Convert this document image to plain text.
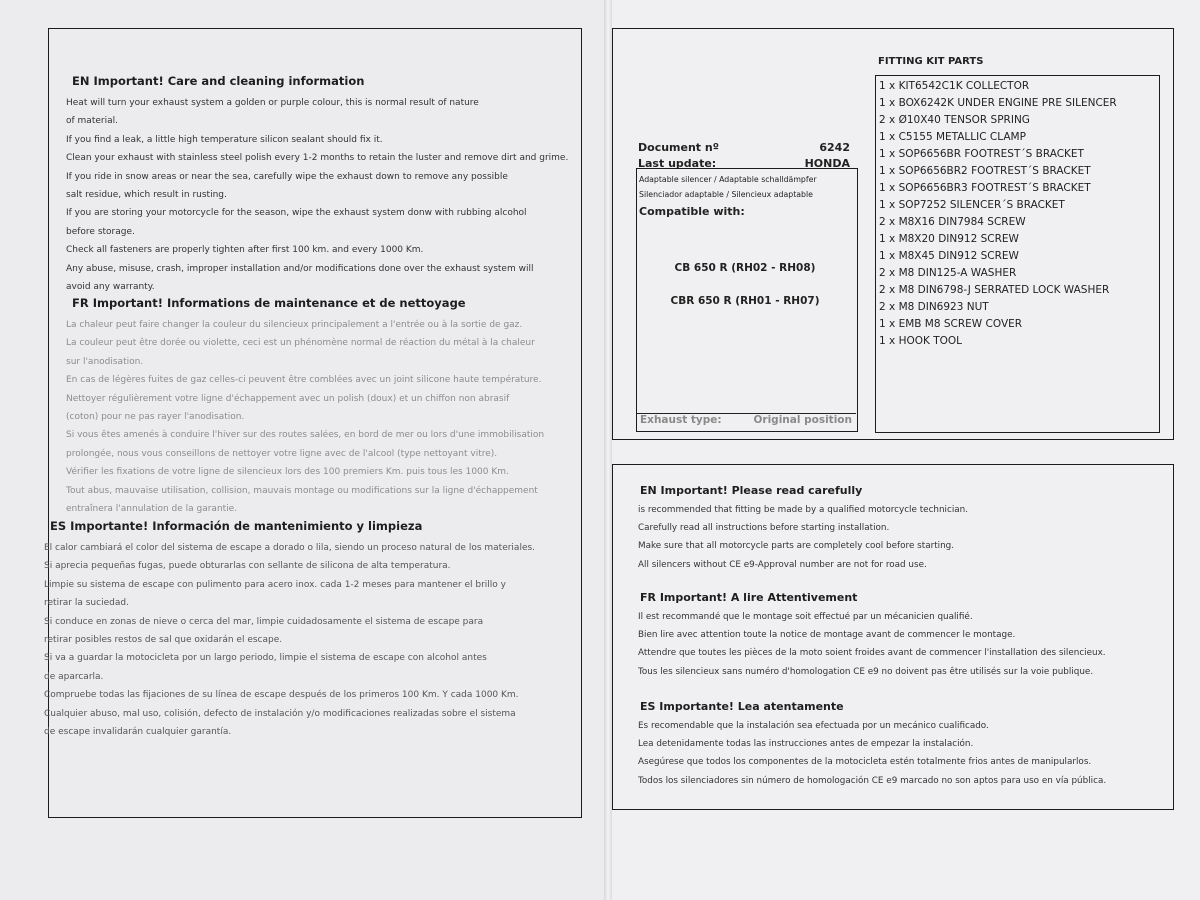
EN Important! Care and cleaning information
Heat will turn your exhaust system a golden or purple colour, this is normal result of nature
of material.
If you find a leak, a little high temperature silicon sealant should fix it.
Clean your exhaust with stainless steel polish every 1-2 months to retain the luster and remove dirt and grime.
If you ride in snow areas or near the sea, carefully wipe the exhaust down to remove any possible
salt residue, which result in rusting.
If you are storing your motorcycle for the season, wipe the exhaust system donw with rubbing alcohol
before storage.
Check all fasteners are properly tighten after first 100 km. and every 1000 Km.
Any abuse, misuse, crash, improper installation and/or modifications done over the exhaust system will
avoid any warranty.
FR Important! Informations de maintenance et de nettoyage
La chaleur peut faire changer la couleur du silencieux principalement a l'entrée ou à la sortie de gaz.
La couleur peut être dorée ou violette, ceci est un phénomène normal de réaction du métal à la chaleur
sur l'anodisation.
En cas de légères fuites de gaz celles-ci peuvent être comblées avec un joint silicone haute température.
Nettoyer régulièrement votre ligne d'échappement avec un polish (doux) et un chiffon non abrasif
(coton) pour ne pas rayer l'anodisation.
Si vous êtes amenés à conduire l'hiver sur des routes salées, en bord de mer ou lors d'une immobilisation
prolongée, nous vous conseillons de nettoyer votre ligne avec de l'alcool (type nettoyant vitre).
Vérifier les fixations de votre ligne de silencieux lors des 100 premiers Km. puis tous les 1000 Km.
Tout abus, mauvaise utilisation, collision, mauvais montage ou modifications sur la ligne d'échappement
entraînera l'annulation de la garantie.
ES Importante! Información de mantenimiento y limpieza
El calor cambiará el color del sistema de escape a dorado o lila, siendo un proceso natural de los materiales.
Si aprecia pequeñas fugas, puede obturarlas con sellante de silicona de alta temperatura.
Limpie su sistema de escape con pulimento para acero inox. cada 1-2 meses para mantener el brillo y
retirar la suciedad.
Si conduce en zonas de nieve o cerca del mar, limpie cuidadosamente el sistema de escape para
retirar posibles restos de sal que oxidarán el escape.
Si va a guardar la motocicleta por un largo periodo, limpie el sistema de escape con alcohol antes
de aparcarla.
Compruebe todas las fijaciones de su línea de escape después de los primeros 100 Km. Y cada 1000 Km.
Cualquier abuso, mal uso, colisión, defecto de instalación y/o modificaciones realizadas sobre el sistema
de escape invalidarán cualquier garantía.
FITTING KIT PARTS
1 x KIT6542C1K COLLECTOR
1 x BOX6242K UNDER ENGINE PRE SILENCER
2 x Ø10X40 TENSOR SPRING
1 x C5155 METALLIC CLAMP
1 x SOP6656BR FOOTREST´S BRACKET
1 x SOP6656BR2 FOOTREST´S BRACKET
1 x SOP6656BR3 FOOTREST´S BRACKET
1 x SOP7252 SILENCER´S BRACKET
2 x M8X16 DIN7984 SCREW
1 x M8X20 DIN912 SCREW
1 x M8X45 DIN912 SCREW
2 x M8 DIN125-A WASHER
2 x M8 DIN6798-J SERRATED LOCK WASHER
2 x M8 DIN6923 NUT
1 x EMB M8 SCREW COVER
1 x HOOK TOOL
Document nº	6242
Last update:	HONDA
Adaptable silencer / Adaptable schalldämpfer
Silenciador adaptable / Silencieux adaptable
Compatible with:
CB 650 R (RH02 - RH08)
CBR 650 R (RH01 - RH07)
Exhaust type:	Original position
EN Important! Please read carefully
is recommended that fitting be made by a qualified motorcycle technician.
Carefully read all instructions before starting installation.
Make sure that all motorcycle parts are completely cool before starting.
All silencers without CE e9-Approval number are not for road use.
FR Important! A lire Attentivement
Il est recommandé que le montage soit effectué par un mécanicien qualifié.
Bien lire avec attention toute la notice de montage avant de commencer le montage.
Attendre que toutes les pièces de la moto soient froides avant de commencer l'installation des silencieux.
Tous les silencieux sans numéro d'homologation CE e9 no doivent pas être utilisés sur la voie publique.
ES Importante! Lea atentamente
Es recomendable que la instalación sea efectuada por un mecánico cualificado.
Lea detenidamente todas las instrucciones antes de empezar la instalación.
Asegúrese que todos los componentes de la motocicleta estén totalmente frios antes de manipularlos.
Todos los silenciadores sin número de homologación CE e9 marcado no son aptos para uso en vía pública.
